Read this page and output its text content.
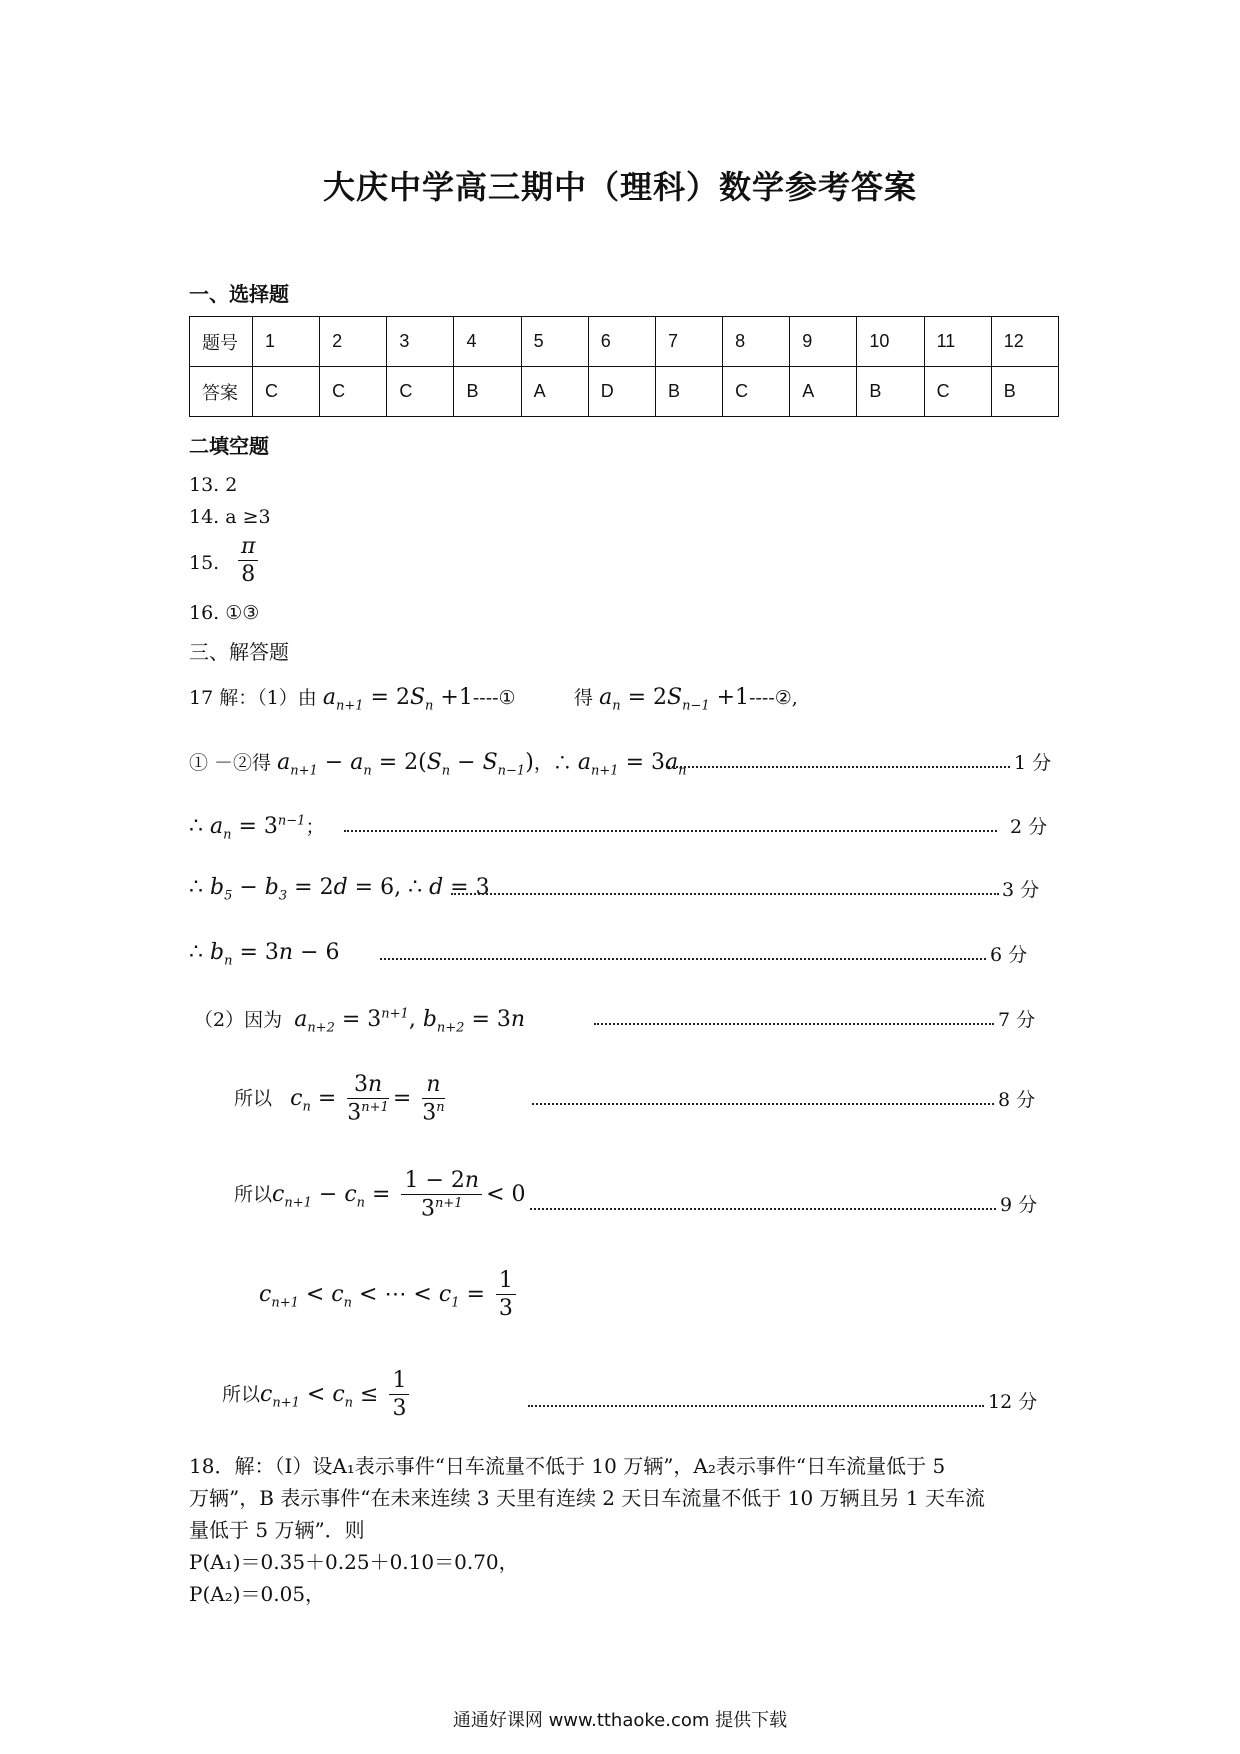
大庆中学高三期中（理科）数学参考答案
一、选择题
题号	1	2	3	4	5	6	7	8	9	10	11	12
答案	C	C	C	B	A	D	B	C	A	B	C	B
二填空题
13. 2
14. a ≥3
15. $\frac{\pi}{8}$
16. ①③
三、解答题
17 解：（1）由 $a_{n+1} = 2S_n$ +1----①	得 $a_n = 2S_{n-1}$ +1----②,
① －②得 $a_{n+1} - a_n = 2(S_n - S_{n-1})$，∴ $a_{n+1} = 3a_n$	1 分
∴ $a_n = 3^{n-1}$；	2 分
∴ $b_5 - b_3 = 2d = 6$, ∴ d = 3	3 分
∴ $b_n = 3n - 6$	6 分
（2）因为 $a_{n+2} = 3^{n+1}$, $b_{n+2} = 3n$	7 分
所以 $c_n = \frac{3n}{3^{n+1}} = \frac{n}{3^n}$	8 分
所以$c_{n+1} - c_n = \frac{1 - 2n}{3^{n+1}} < 0$	9 分
$c_{n+1} < c_n$ < ⋯ < $c_1 = \frac{1}{3}$
所以$c_{n+1} < c_n \le \frac{1}{3}$	12 分
18．解：（Ⅰ）设A₁表示事件“日车流量不低于 10 万辆”，A₂表示事件“日车流量低于 5
万辆”，B 表示事件“在未来连续 3 天里有连续 2 天日车流量不低于 10 万辆且另 1 天车流
量低于 5 万辆”．则
P(A₁)＝0.35＋0.25＋0.10＝0.70，
P(A₂)＝0.05，
通通好课网 www.tthaoke.com 提供下载
